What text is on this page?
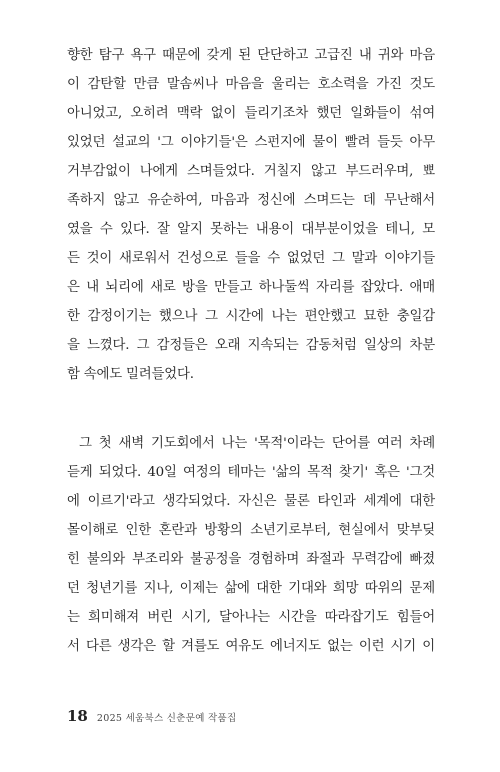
향한 탐구 욕구 때문에 갖게 된 단단하고 고급진 내 귀와 마음
이 감탄할 만큼 말솜씨나 마음을 울리는 호소력을 가진 것도
아니었고, 오히려 맥락 없이 들리기조차 했던 일화들이 섞여
있었던 설교의 '그 이야기들'은 스펀지에 물이 빨려 들듯 아무
거부감없이 나에게 스며들었다. 거칠지 않고 부드러우며, 뾰
족하지 않고 유순하여, 마음과 정신에 스며드는 데 무난해서
였을 수 있다. 잘 알지 못하는 내용이 대부분이었을 테니, 모
든 것이 새로워서 건성으로 들을 수 없었던 그 말과 이야기들
은 내 뇌리에 새로 방을 만들고 하나둘씩 자리를 잡았다. 애매
한 감정이기는 했으나 그 시간에 나는 편안했고 묘한 충일감
을 느꼈다. 그 감정들은 오래 지속되는 감동처럼 일상의 차분
함 속에도 밀려들었다.
그 첫 새벽 기도회에서 나는 '목적'이라는 단어를 여러 차례
듣게 되었다. 40일 여정의 테마는 '삶의 목적 찾기' 혹은 '그것
에 이르기'라고 생각되었다. 자신은 물론 타인과 세계에 대한
몰이해로 인한 혼란과 방황의 소년기로부터, 현실에서 맞부딪
힌 불의와 부조리와 불공정을 경험하며 좌절과 무력감에 빠졌
던 청년기를 지나, 이제는 삶에 대한 기대와 희망 따위의 문제
는 희미해져 버린 시기, 달아나는 시간을 따라잡기도 힘들어
서 다른 생각은 할 겨를도 여유도 에너지도 없는 이런 시기 이
18 2025 세움북스 신춘문예 작품집
